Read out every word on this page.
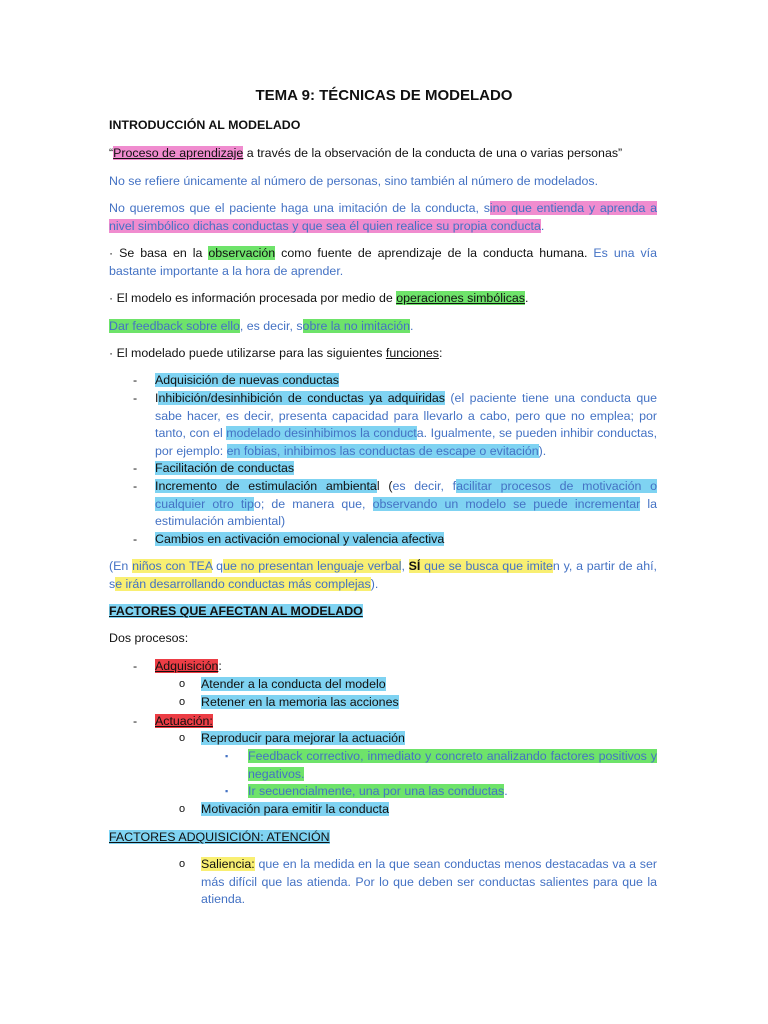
TEMA 9: TÉCNICAS DE MODELADO
INTRODUCCIÓN AL MODELADO
“Proceso de aprendizaje a través de la observación de la conducta de una o varias personas”
No se refiere únicamente al número de personas, sino también al número de modelados.
No queremos que el paciente haga una imitación de la conducta, sino que entienda y aprenda a nivel simbólico dichas conductas y que sea él quien realice su propia conducta.
· Se basa en la observación como fuente de aprendizaje de la conducta humana. Es una vía bastante importante a la hora de aprender.
· El modelo es información procesada por medio de operaciones simbólicas.
Dar feedback sobre ello, es decir, sobre la no imitación.
· El modelado puede utilizarse para las siguientes funciones:
- Adquisición de nuevas conductas
- Inhibición/desinhibición de conductas ya adquiridas (el paciente tiene una conducta que sabe hacer, es decir, presenta capacidad para llevarlo a cabo, pero que no emplea; por tanto, con el modelado desinhibimos la conducta. Igualmente, se pueden inhibir conductas, por ejemplo: en fobias, inhibimos las conductas de escape o evitación).
- Facilitación de conductas
- Incremento de estimulación ambiental (es decir, facilitar procesos de motivación o cualquier otro tipo; de manera que, observando un modelo se puede incrementar la estimulación ambiental)
- Cambios en activación emocional y valencia afectiva
(En niños con TEA que no presentan lenguaje verbal, SÍ que se busca que imiten y, a partir de ahí, se irán desarrollando conductas más complejas).
FACTORES QUE AFECTAN AL MODELADO
Dos procesos:
- Adquisición:
o Atender a la conducta del modelo
o Retener en la memoria las acciones
- Actuación:
o Reproducir para mejorar la actuación
▪ Feedback correctivo, inmediato y concreto analizando factores positivos y negativos.
▪ Ir secuencialmente, una por una las conductas.
o Motivación para emitir la conducta
FACTORES ADQUISICIÓN: ATENCIÓN
o Saliencia: que en la medida en la que sean conductas menos destacadas va a ser más difícil que las atienda. Por lo que deben ser conductas salientes para que la atienda.
